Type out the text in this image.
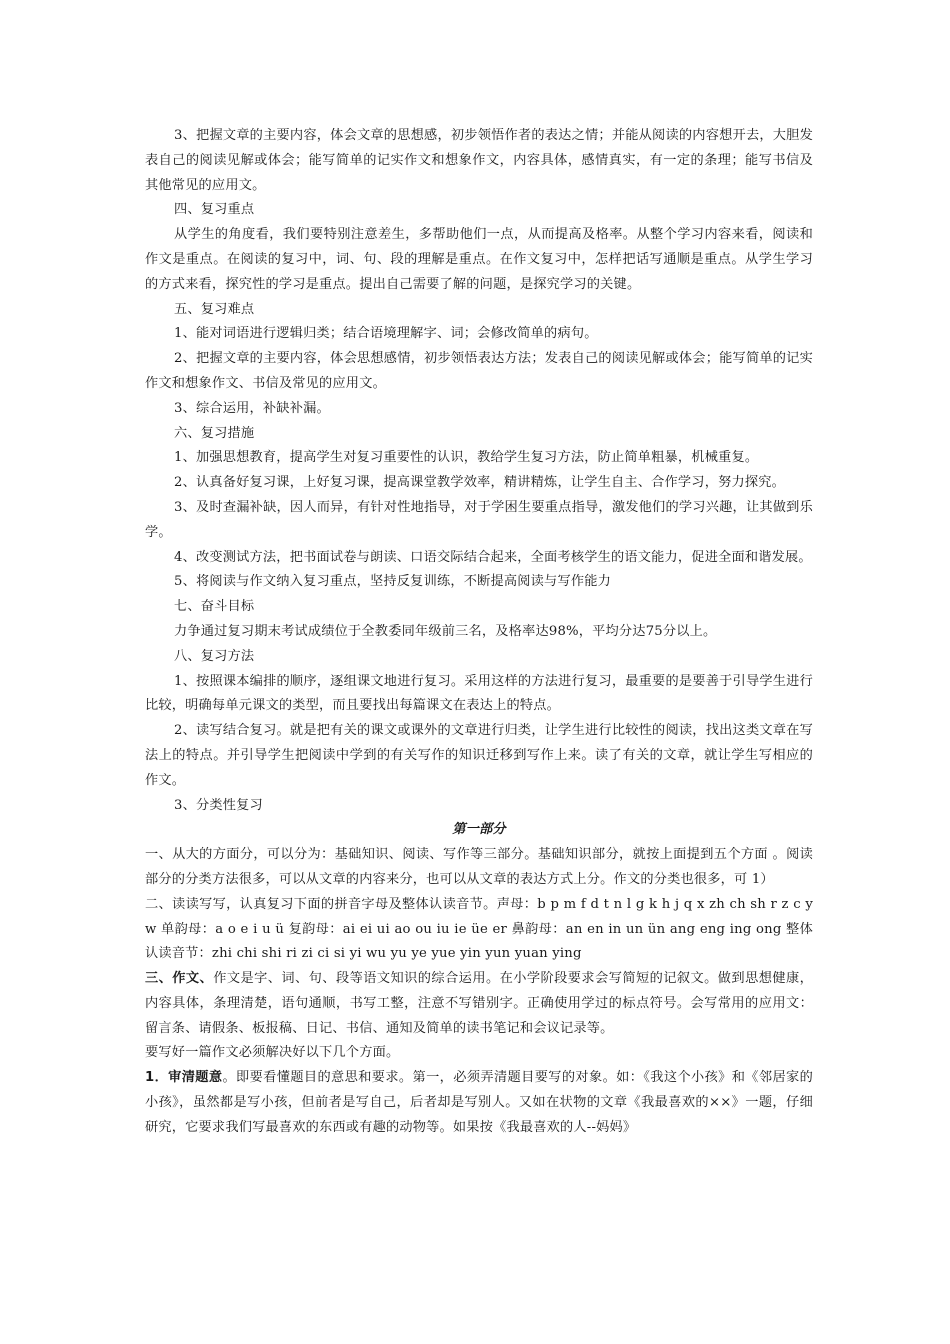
3、把握文章的主要内容，体会文章的思想感，初步领悟作者的表达之情；并能从阅读的内容想开去，大胆发表自己的阅读见解或体会；能写简单的记实作文和想象作文，内容具体，感情真实，有一定的条理；能写书信及其他常见的应用文。

四、复习重点

从学生的角度看，我们要特别注意差生，多帮助他们一点，从而提高及格率。从整个学习内容来看，阅读和作文是重点。在阅读的复习中，词、句、段的理解是重点。在作文复习中，怎样把话写通顺是重点。从学生学习的方式来看，探究性的学习是重点。提出自己需要了解的问题，是探究学习的关键。

五、复习难点

1、能对词语进行逻辑归类；结合语境理解字、词；会修改简单的病句。

2、把握文章的主要内容，体会思想感情，初步领悟表达方法；发表自己的阅读见解或体会；能写简单的记实作文和想象作文、书信及常见的应用文。

3、综合运用，补缺补漏。

六、复习措施

1、加强思想教育，提高学生对复习重要性的认识，教给学生复习方法，防止简单粗暴，机械重复。

2、认真备好复习课，上好复习课，提高课堂教学效率，精讲精炼，让学生自主、合作学习，努力探究。

3、及时查漏补缺，因人而异，有针对性地指导，对于学困生要重点指导，激发他们的学习兴趣，让其做到乐学。

4、改变测试方法，把书面试卷与朗读、口语交际结合起来，全面考核学生的语文能力，促进全面和谐发展。

5、将阅读与作文纳入复习重点，坚持反复训练，不断提高阅读与写作能力

七、奋斗目标

力争通过复习期末考试成绩位于全教委同年级前三名，及格率达98%，平均分达75分以上。

八、复习方法

1、按照课本编排的顺序，逐组课文地进行复习。采用这样的方法进行复习，最重要的是要善于引导学生进行比较，明确每单元课文的类型，而且要找出每篇课文在表达上的特点。

2、读写结合复习。就是把有关的课文或课外的文章进行归类，让学生进行比较性的阅读，找出这类文章在写法上的特点。并引导学生把阅读中学到的有关写作的知识迁移到写作上来。读了有关的文章，就让学生写相应的作文。

3、分类性复习

第一部分

一、从大的方面分，可以分为：基础知识、阅读、写作等三部分。基础知识部分，就按上面提到五个方面 。阅读部分的分类方法很多，可以从文章的内容来分，也可以从文章的表达方式上分。作文的分类也很多，可 1）

二、读读写写，认真复习下面的拼音字母及整体认读音节。声母：b p m f d t n l g k h j q x zh ch sh r z c y w 单韵母：a o e i u ü 复韵母：ai ei ui ao ou iu ie üe er 鼻韵母：an en in un ün ang eng ing ong 整体认读音节：zhi chi shi ri zi ci si yi wu yu ye yue yin yun yuan ying

三、作文、作文是字、词、句、段等语文知识的综合运用。在小学阶段要求会写简短的记叙文。做到思想健康，内容具体，条理清楚，语句通顺，书写工整，注意不写错别字。正确使用学过的标点符号。会写常用的应用文：留言条、请假条、板报稿、日记、书信、通知及简单的读书笔记和会议记录等。

要写好一篇作文必须解决好以下几个方面。

1．审清题意。即要看懂题目的意思和要求。第一，必须弄清题目要写的对象。如：《我这个小孩》和《邻居家的小孩》，虽然都是写小孩，但前者是写自己，后者却是写别人。又如在状物的文章《我最喜欢的××》一题，仔细研究，它要求我们写最喜欢的东西或有趣的动物等。如果按《我最喜欢的人--妈妈》
